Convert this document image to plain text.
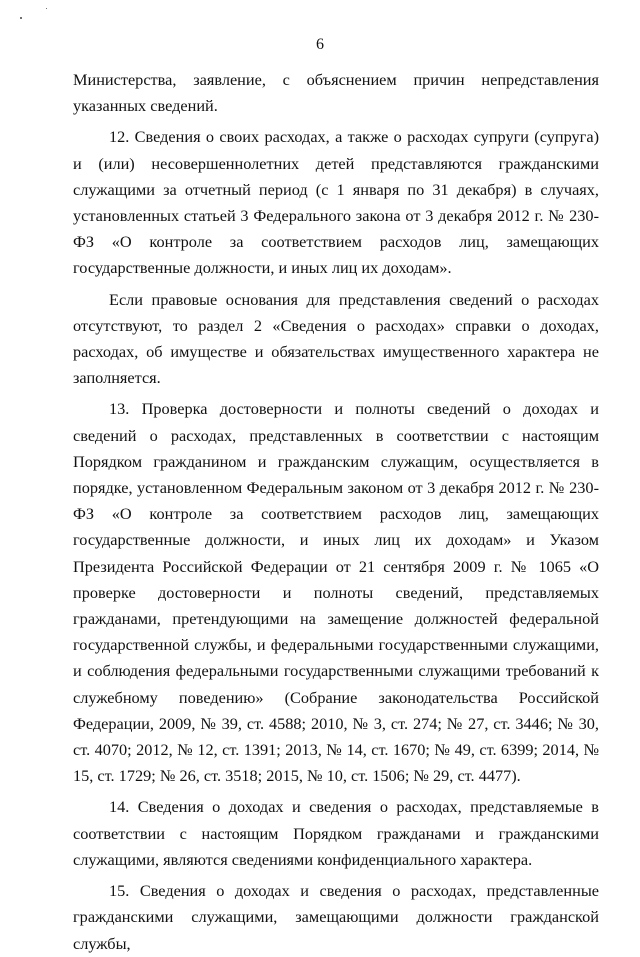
6

Министерства, заявление, с объяснением причин непредставления указанных сведений.

12. Сведения о своих расходах, а также о расходах супруги (супруга) и (или) несовершеннолетних детей представляются гражданскими служащими за отчетный период (с 1 января по 31 декабря) в случаях, установленных статьей 3 Федерального закона от 3 декабря 2012 г. № 230-ФЗ «О контроле за соответствием расходов лиц, замещающих государственные должности, и иных лиц их доходам».

Если правовые основания для представления сведений о расходах отсутствуют, то раздел 2 «Сведения о расходах» справки о доходах, расходах, об имуществе и обязательствах имущественного характера не заполняется.

13. Проверка достоверности и полноты сведений о доходах и сведений о расходах, представленных в соответствии с настоящим Порядком гражданином и гражданским служащим, осуществляется в порядке, установленном Федеральным законом от 3 декабря 2012 г. № 230-ФЗ «О контроле за соответствием расходов лиц, замещающих государственные должности, и иных лиц их доходам» и Указом Президента Российской Федерации от 21 сентября 2009 г. № 1065 «О проверке достоверности и полноты сведений, представляемых гражданами, претендующими на замещение должностей федеральной государственной службы, и федеральными государственными служащими, и соблюдения федеральными государственными служащими требований к служебному поведению» (Собрание законодательства Российской Федерации, 2009, № 39, ст. 4588; 2010, № 3, ст. 274; № 27, ст. 3446; № 30, ст. 4070; 2012, № 12, ст. 1391; 2013, № 14, ст. 1670; № 49, ст. 6399; 2014, № 15, ст. 1729; № 26, ст. 3518; 2015, № 10, ст. 1506; № 29, ст. 4477).

14. Сведения о доходах и сведения о расходах, представляемые в соответствии с настоящим Порядком гражданами и гражданскими служащими, являются сведениями конфиденциального характера.

15. Сведения о доходах и сведения о расходах, представленные гражданскими служащими, замещающими должности гражданской службы,
